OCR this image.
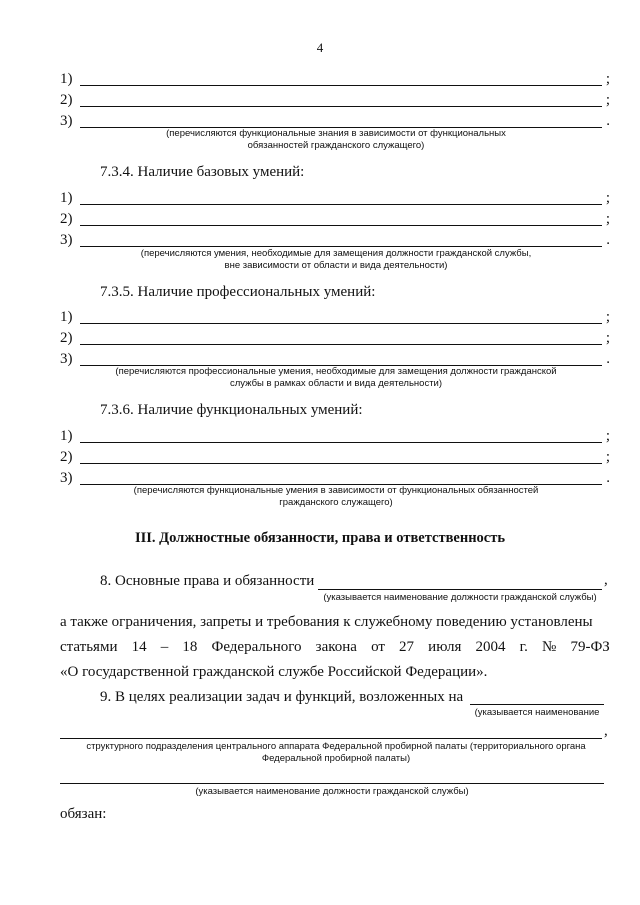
4
1)	;
2)	;
3)	.
(перечисляются функциональные знания в зависимости от функциональных
обязанностей гражданского служащего)
7.3.4. Наличие базовых умений:
1)	;
2)	;
3)	.
(перечисляются умения, необходимые для замещения должности гражданской службы,
вне зависимости от области и вида деятельности)
7.3.5. Наличие профессиональных умений:
1)	;
2)	;
3)	.
(перечисляются профессиональные умения, необходимые для замещения должности гражданской
службы в рамках области и вида деятельности)
7.3.6. Наличие функциональных умений:
1)	;
2)	;
3)	.
(перечисляются функциональные умения в зависимости от функциональных обязанностей
гражданского служащего)
III. Должностные обязанности, права и ответственность
8. Основные права и обязанности	,
(указывается наименование должности гражданской службы)
а также ограничения, запреты и требования к служебному поведению установлены
статьями 14 – 18 Федерального закона от 27 июля 2004 г. № 79-ФЗ
«О государственной гражданской службе Российской Федерации».
9. В целях реализации задач и функций, возложенных на
(указывается наименование
,
структурного подразделения центрального аппарата Федеральной пробирной палаты (территориального органа
Федеральной пробирной палаты)
(указывается наименование должности гражданской службы)
обязан:
